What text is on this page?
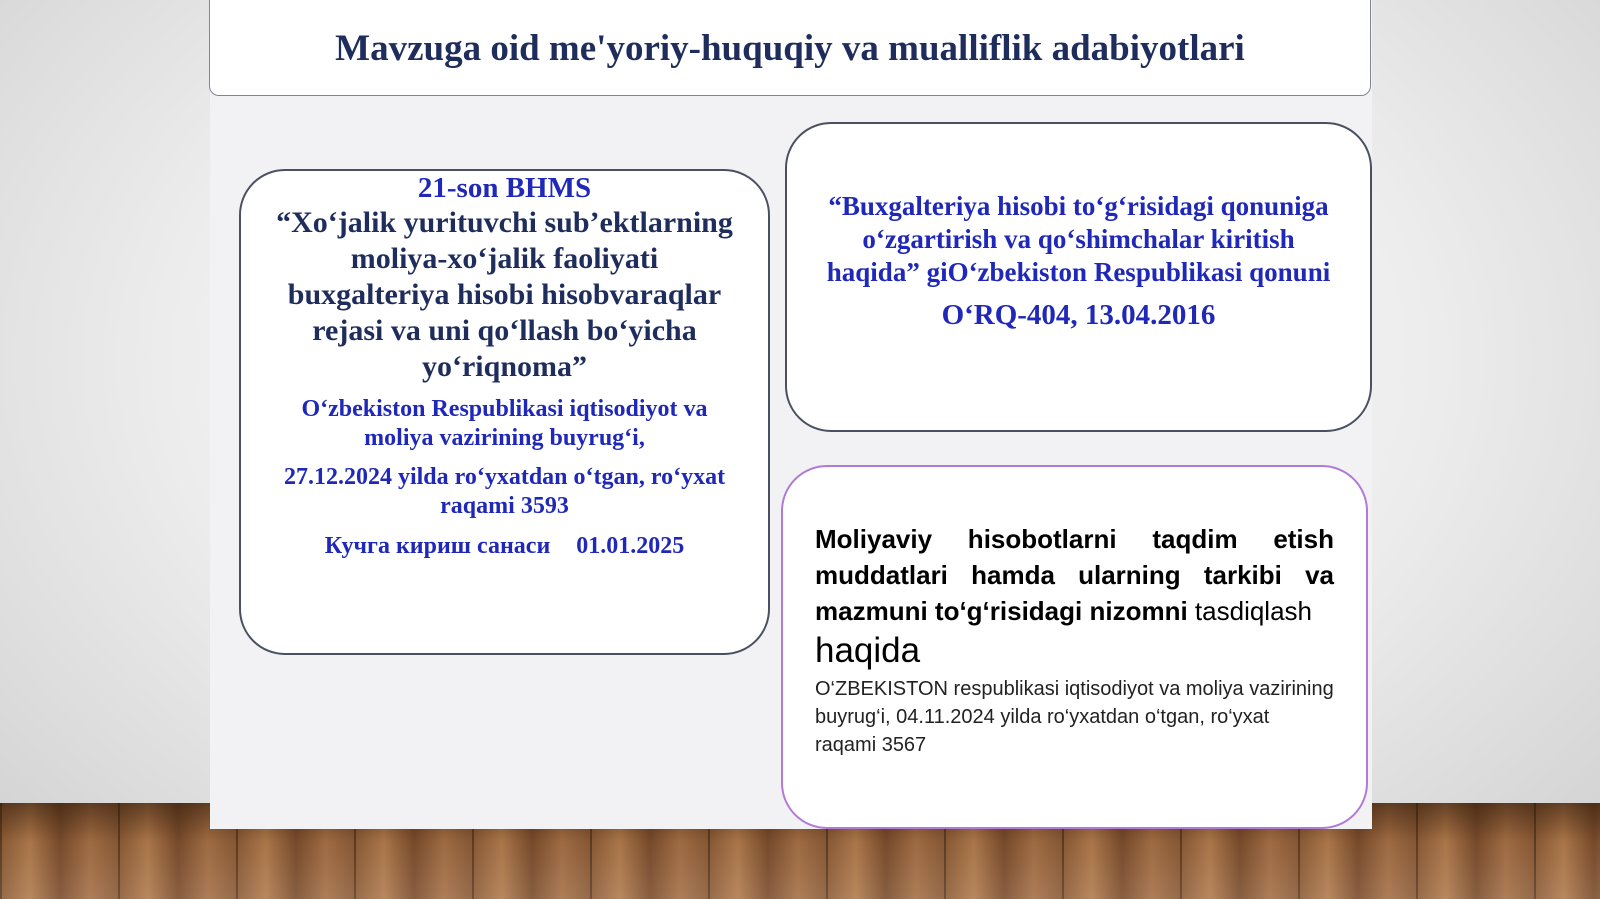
Mavzuga oid me'yoriy-huquqiy va mualliflik adabiyotlari
21-son BHMS
“Xo‘jalik yurituvchi sub’ektlarning moliya-xo‘jalik faoliyati buxgalteriya hisobi hisobvaraqlar rejasi va uni qo‘llash bo‘yicha yo‘riqnoma”
O‘zbekiston Respublikasi iqtisodiyot va moliya vazirining buyrug‘i,
27.12.2024 yilda ro‘yxatdan o‘tgan, ro‘yxat raqami 3593
Кучга кириш санаси 01.01.2025
“Buxgalteriya hisobi to‘g‘risidagi qonuniga o‘zgartirish va qo‘shimchalar kiritish haqida” giO‘zbekiston Respublikasi qonuni
O‘RQ-404, 13.04.2016
Moliyaviy hisobotlarni taqdim etish muddatlari hamda ularning tarkibi va mazmuni to‘g‘risidagi nizomni tasdiqlash
haqida
O‘ZBEKISTON respublikasi iqtisodiyot va moliya vazirining buyrug‘i, 04.11.2024 yilda ro‘yxatdan o‘tgan, ro‘yxat raqami 3567
